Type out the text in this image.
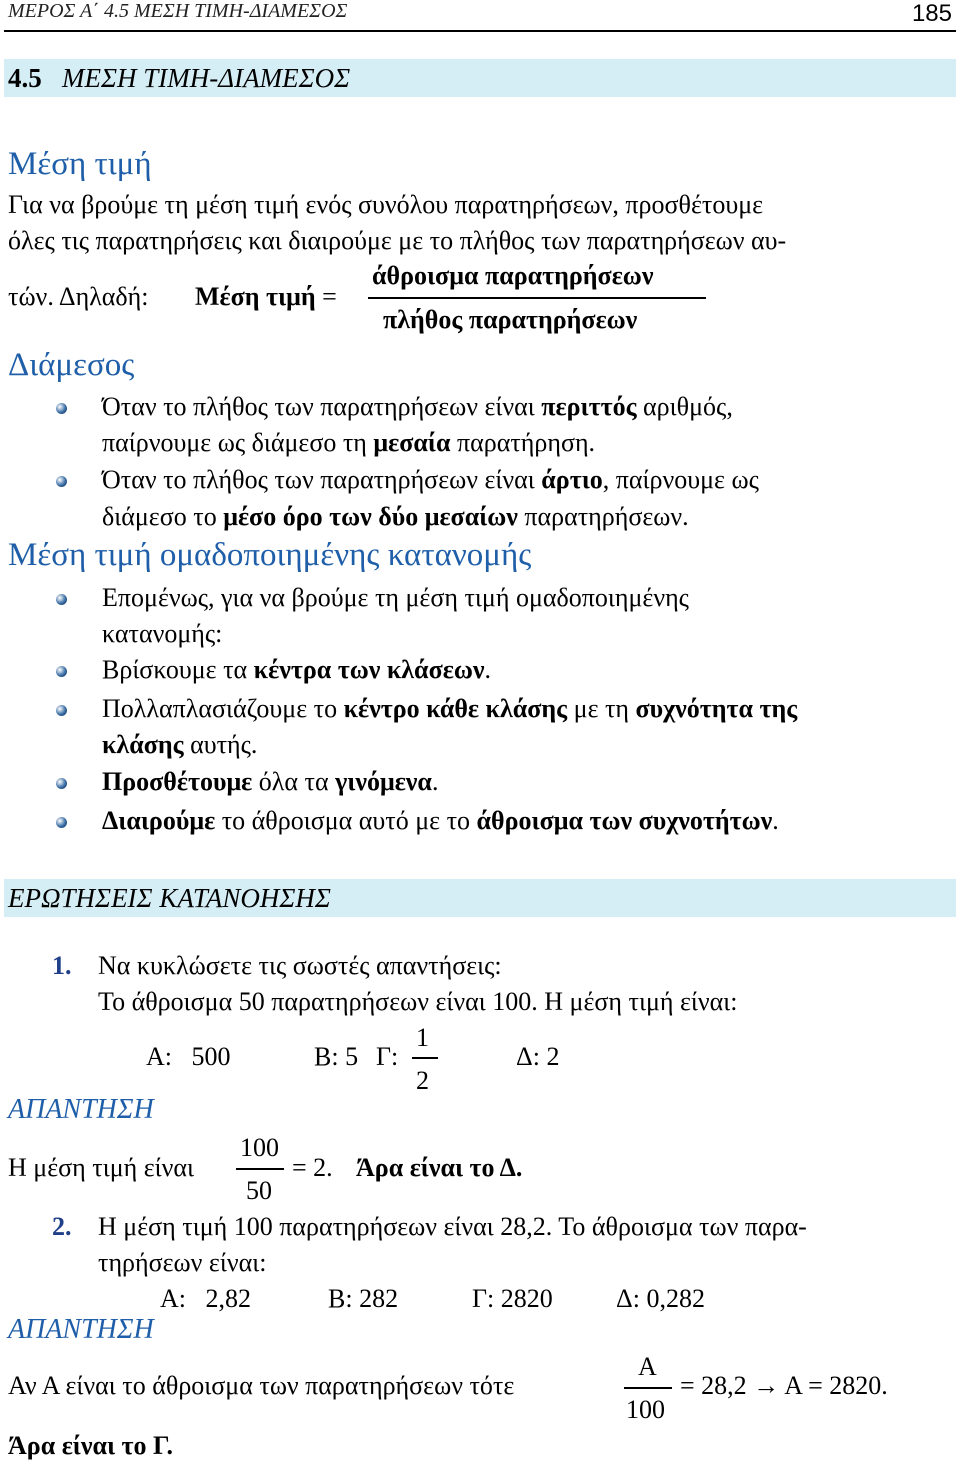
ΜΕΡΟΣ Α΄ 4.5 ΜΕΣΗ ΤΙΜΗ-ΔΙΑΜΕΣΟΣ	185
4.5 ΜΕΣΗ ΤΙΜΗ-ΔΙΑΜΕΣΟΣ
Μέση τιμή
Για να βρούμε τη μέση τιμή ενός συνόλου παρατηρήσεων, προσθέτουμε
όλες τις παρατηρήσεις και διαιρούμε με το πλήθος των παρατηρήσεων αυ-
τών. Δηλαδή: Μέση τιμή =
άθροισμα παρατηρήσεων
πλήθος παρατηρήσεων
Διάμεσος
Όταν το πλήθος των παρατηρήσεων είναι περιττός αριθμός,
παίρνουμε ως διάμεσο τη μεσαία παρατήρηση.
Όταν το πλήθος των παρατηρήσεων είναι άρτιο, παίρνουμε ως
διάμεσο το μέσο όρο των δύο μεσαίων παρατηρήσεων.
Μέση τιμή ομαδοποιημένης κατανομής
Επομένως, για να βρούμε τη μέση τιμή ομαδοποιημένης
κατανομής:
Βρίσκουμε τα κέντρα των κλάσεων.
Πολλαπλασιάζουμε το κέντρο κάθε κλάσης με τη συχνότητα της
κλάσης αυτής.
Προσθέτουμε όλα τα γινόμενα.
Διαιρούμε το άθροισμα αυτό με το άθροισμα των συχνοτήτων.
ΕΡΩΤΗΣΕΙΣ ΚΑΤΑΝΟΗΣΗΣ
1. Να κυκλώσετε τις σωστές απαντήσεις:
Το άθροισμα 50 παρατηρήσεων είναι 100. Η μέση τιμή είναι:
Α:   500	Β: 5 Γ:
1
2
Δ: 2
ΑΠΑΝΤΗΣΗ
Η μέση τιμή είναι
100
50
= 2. Άρα είναι το Δ.
2. Η μέση τιμή 100 παρατηρήσεων είναι 28,2. Το άθροισμα των παρα-
τηρήσεων είναι:
Α:   2,82	Β: 282	Γ: 2820 Δ: 0,282
ΑΠΑΝΤΗΣΗ
Αν Α είναι το άθροισμα των παρατηρήσεων τότε
Α
100
= 28,2 → Α = 2820.
Άρα είναι το Γ.
